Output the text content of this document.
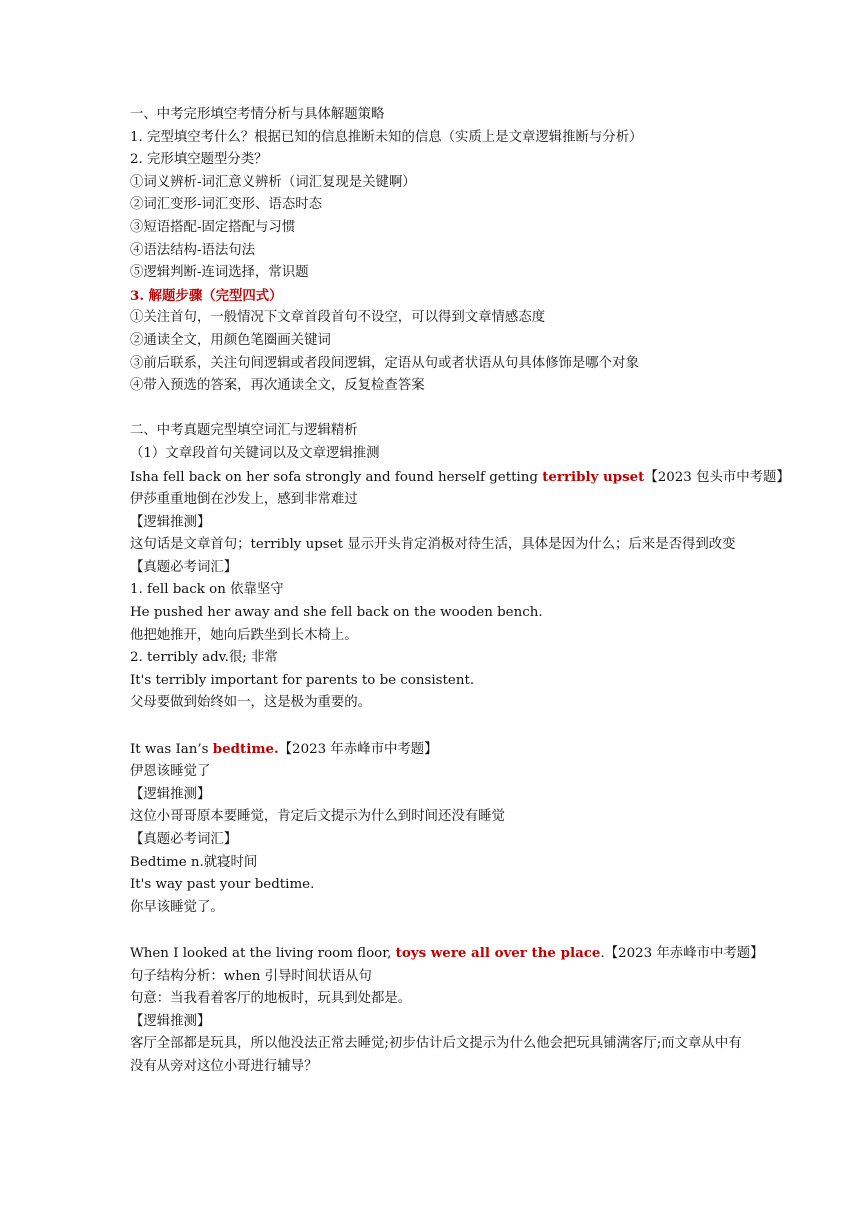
一、中考完形填空考情分析与具体解题策略
1. 完型填空考什么？根据已知的信息推断未知的信息（实质上是文章逻辑推断与分析）
2. 完形填空题型分类？
①词义辨析-词汇意义辨析（词汇复现是关键啊）
②词汇变形-词汇变形、语态时态
③短语搭配-固定搭配与习惯
④语法结构-语法句法
⑤逻辑判断-连词选择，常识题
3. 解题步骤（完型四式）
①关注首句，一般情况下文章首段首句不设空，可以得到文章情感态度
②通读全文，用颜色笔圈画关键词
③前后联系，关注句间逻辑或者段间逻辑，定语从句或者状语从句具体修饰是哪个对象
④带入预选的答案，再次通读全文，反复检查答案
二、中考真题完型填空词汇与逻辑精析
（1）文章段首句关键词以及文章逻辑推测
Isha fell back on her sofa strongly and found herself getting terribly upset【2023 包头市中考题】
伊莎重重地倒在沙发上，感到非常难过
【逻辑推测】
这句话是文章首句；terribly upset 显示开头肯定消极对待生活，具体是因为什么；后来是否得到改变
【真题必考词汇】
1. fell back on 依靠坚守
He pushed her away and she fell back on the wooden bench.
他把她推开，她向后跌坐到长木椅上。
2. terribly adv.很; 非常
It's terribly important for parents to be consistent.
父母要做到始终如一，这是极为重要的。
It was Ian’s bedtime.【2023 年赤峰市中考题】
伊恩该睡觉了
【逻辑推测】
这位小哥哥原本要睡觉，肯定后文提示为什么到时间还没有睡觉
【真题必考词汇】
Bedtime n.就寝时间
It's way past your bedtime.
你早该睡觉了。
When I looked at the living room floor, toys were all over the place.【2023 年赤峰市中考题】
句子结构分析：when 引导时间状语从句
句意：当我看着客厅的地板时，玩具到处都是。
【逻辑推测】
客厅全部都是玩具，所以他没法正常去睡觉;初步估计后文提示为什么他会把玩具铺满客厅;而文章从中有没有从旁对这位小哥进行辅导？
